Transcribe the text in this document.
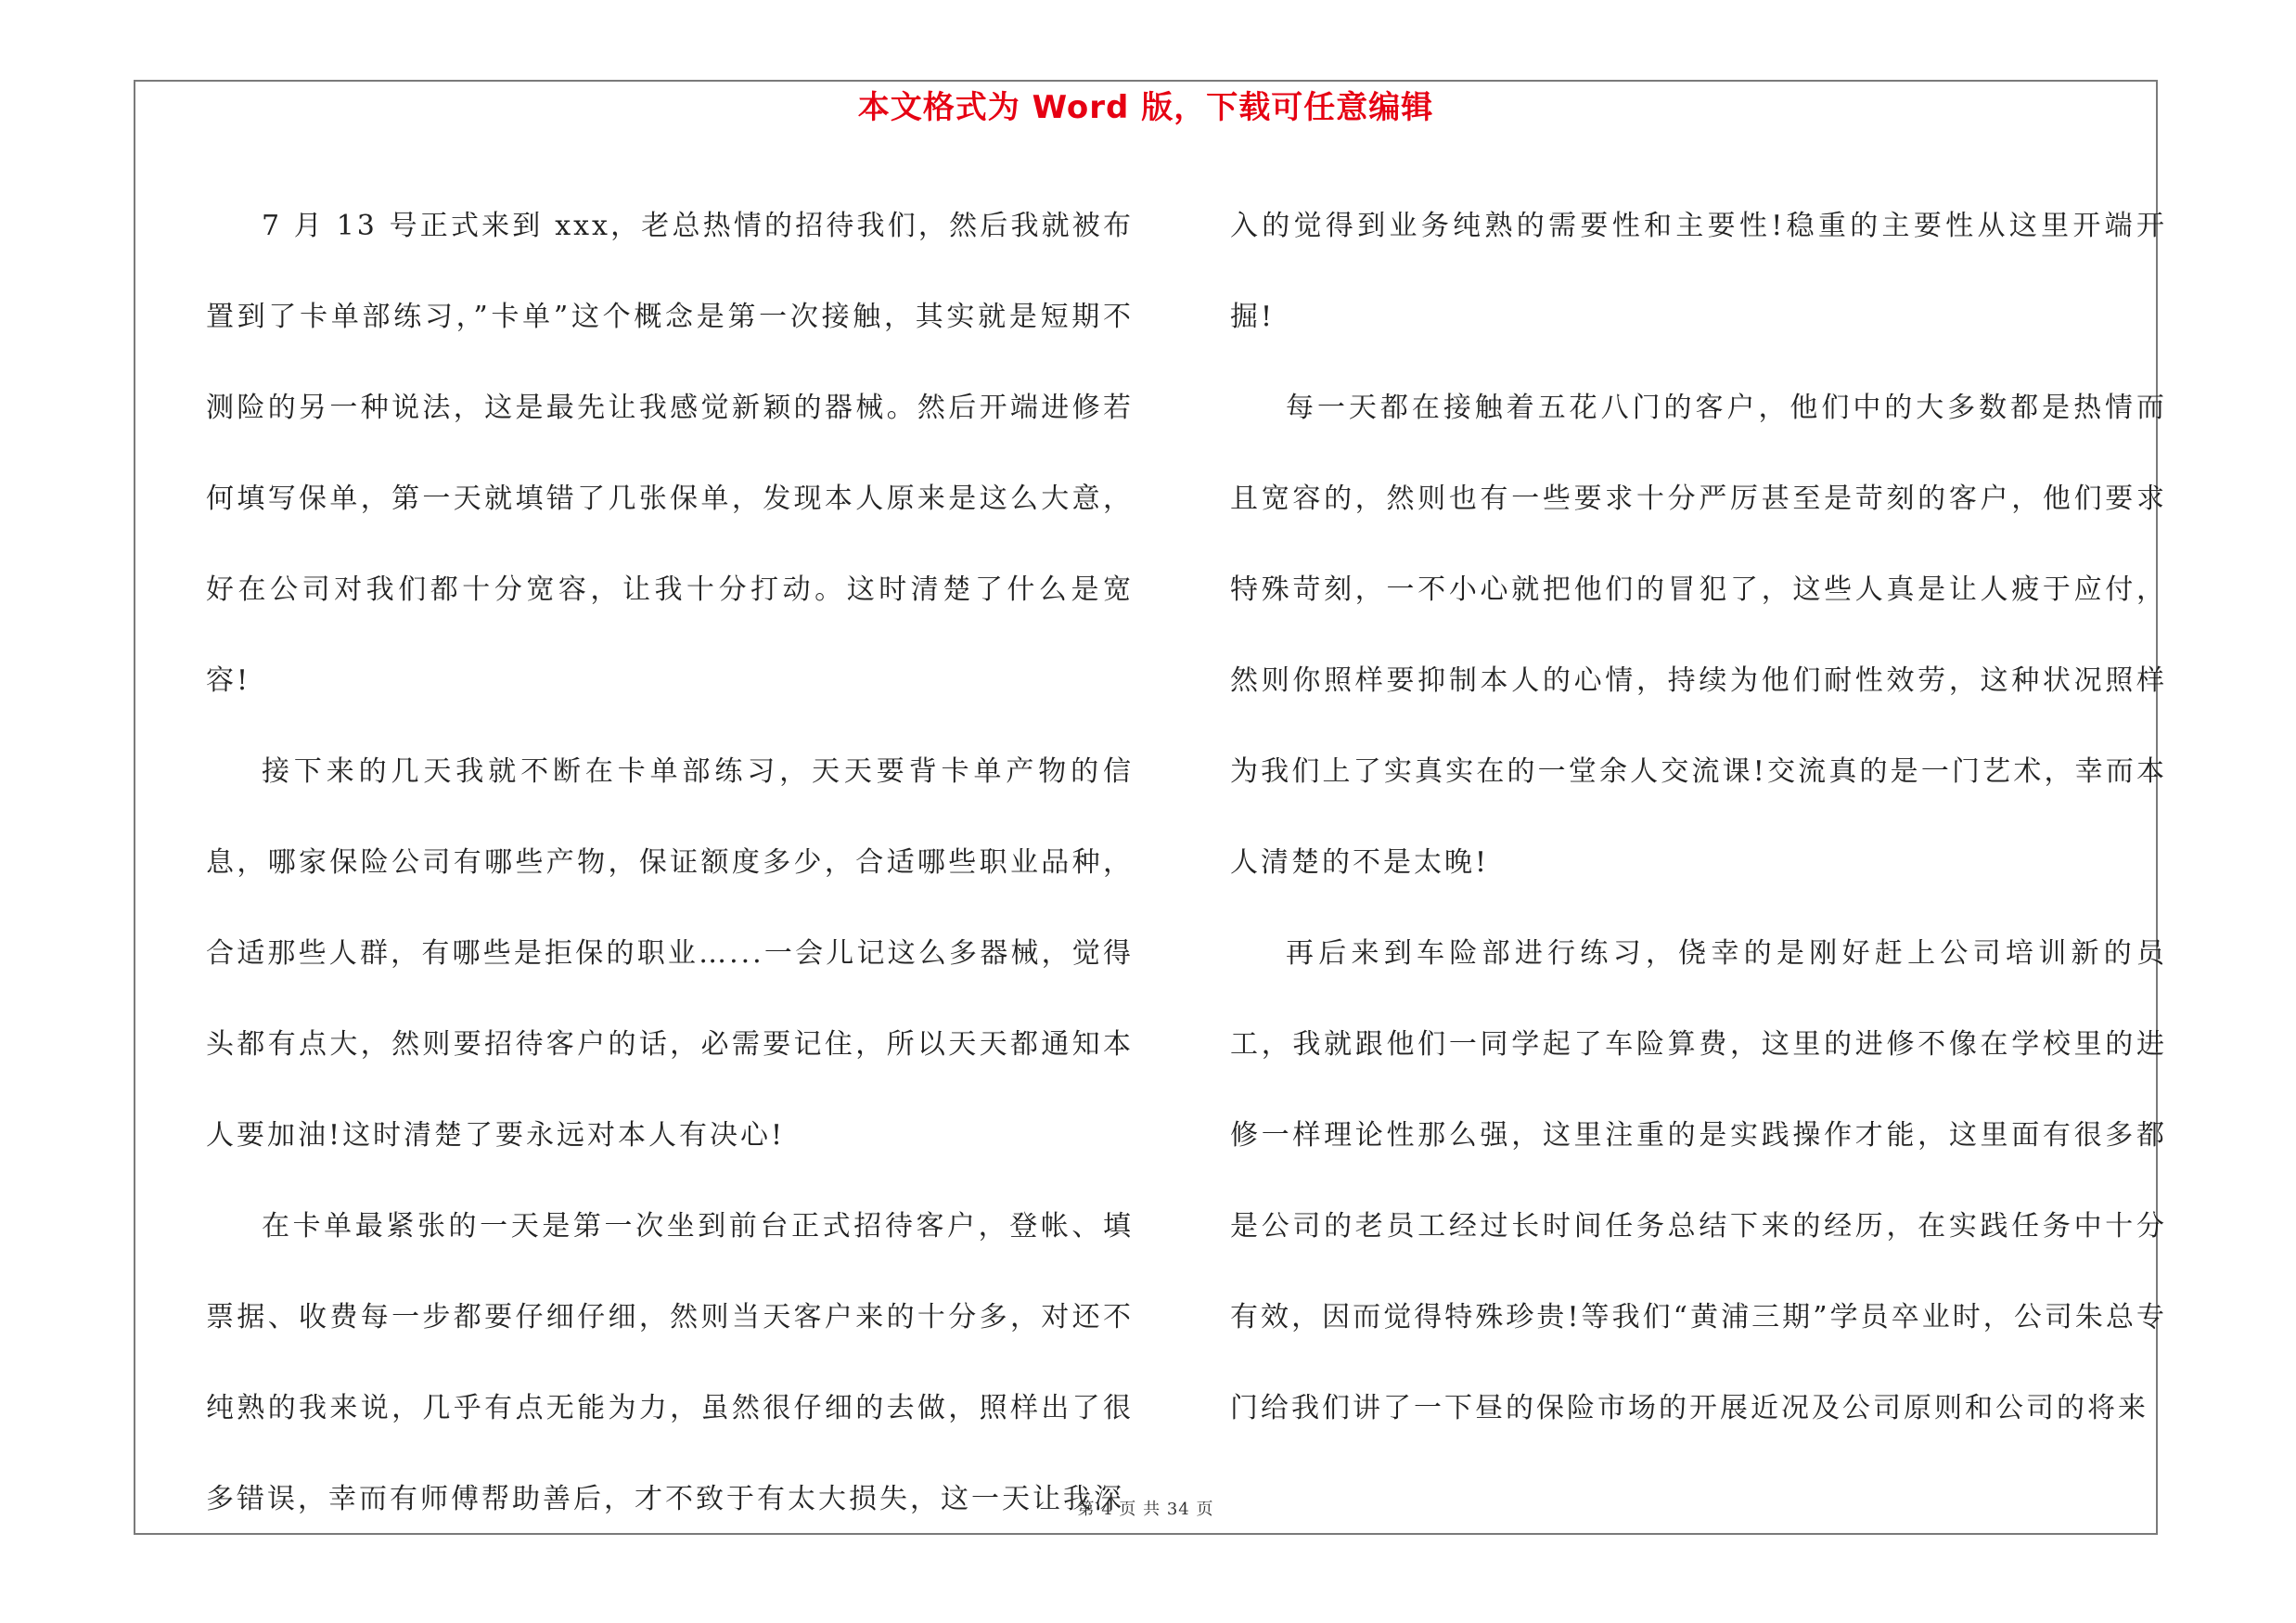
本文格式为 Word 版，下载可任意编辑

7 月 13 号正式来到 xxx，老总热情的招待我们，然后我就被布置到了卡单部练习，”卡单”这个概念是第一次接触，其实就是短期不测险的另一种说法，这是最先让我感觉新颖的器械。然后开端进修若何填写保单，第一天就填错了几张保单，发现本人原来是这么大意，好在公司对我们都十分宽容，让我十分打动。这时清楚了什么是宽容!

接下来的几天我就不断在卡单部练习，天天要背卡单产物的信息，哪家保险公司有哪些产物，保证额度多少，合适哪些职业品种，合适那些人群，有哪些是拒保的职业…...一会儿记这么多器械，觉得头都有点大，然则要招待客户的话，必需要记住，所以天天都通知本人要加油!这时清楚了要永远对本人有决心!

在卡单最紧张的一天是第一次坐到前台正式招待客户，登帐、填票据、收费每一步都要仔细仔细，然则当天客户来的十分多，对还不纯熟的我来说，几乎有点无能为力，虽然很仔细的去做，照样出了很多错误，幸而有师傅帮助善后，才不致于有太大损失，这一天让我深

入的觉得到业务纯熟的需要性和主要性!稳重的主要性从这里开端开掘!

每一天都在接触着五花八门的客户，他们中的大多数都是热情而且宽容的，然则也有一些要求十分严厉甚至是苛刻的客户，他们要求特殊苛刻，一不小心就把他们的冒犯了，这些人真是让人疲于应付，然则你照样要抑制本人的心情，持续为他们耐性效劳，这种状况照样为我们上了实真实在的一堂余人交流课!交流真的是一门艺术，幸而本人清楚的不是太晚!

再后来到车险部进行练习，侥幸的是刚好赶上公司培训新的员工，我就跟他们一同学起了车险算费，这里的进修不像在学校里的进修一样理论性那么强，这里注重的是实践操作才能，这里面有很多都是公司的老员工经过长时间任务总结下来的经历，在实践任务中十分有效，因而觉得特殊珍贵!等我们“黄浦三期”学员卒业时，公司朱总专门给我们讲了一下昼的保险市场的开展近况及公司原则和公司的将来

第 4 页 共 34 页
